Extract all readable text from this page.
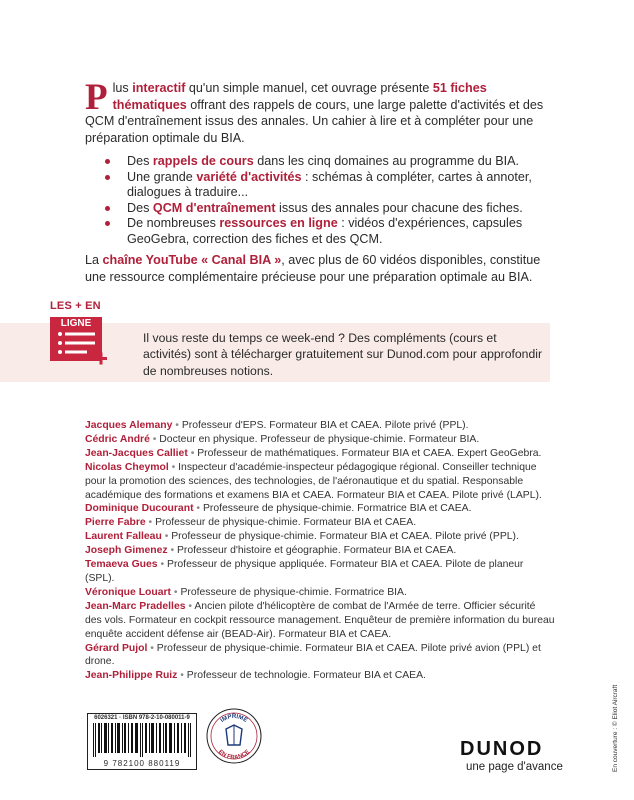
Plus interactif qu'un simple manuel, cet ouvrage présente 51 fiches thématiques offrant des rappels de cours, une large palette d'activités et des QCM d'entraînement issus des annales. Un cahier à lire et à compléter pour une préparation optimale du BIA.

Des rappels de cours dans les cinq domaines au programme du BIA.
Une grande variété d'activités : schémas à compléter, cartes à annoter, dialogues à traduire...
Des QCM d'entraînement issus des annales pour chacune des fiches.
De nombreuses ressources en ligne : vidéos d'expériences, capsules GeoGebra, correction des fiches et des QCM.

La chaîne YouTube « Canal BIA », avec plus de 60 vidéos disponibles, constitue une ressource complémentaire précieuse pour une préparation optimale au BIA.

LES + EN

LIGNE

Il vous reste du temps ce week-end ? Des compléments (cours et activités) sont à télécharger gratuitement sur Dunod.com pour approfondir de nombreuses notions.

Jacques Alemany • Professeur d'EPS. Formateur BIA et CAEA. Pilote privé (PPL).

Cédric André • Docteur en physique. Professeur de physique-chimie. Formateur BIA.

Jean-Jacques Calliet • Professeur de mathématiques. Formateur BIA et CAEA. Expert GeoGebra.

Nicolas Cheymol • Inspecteur d'académie-inspecteur pédagogique régional. Conseiller technique pour la promotion des sciences, des technologies, de l'aéronautique et du spatial. Responsable académique des formations et examens BIA et CAEA. Formateur BIA et CAEA. Pilote privé (LAPL).

Dominique Ducourant • Professeure de physique-chimie. Formatrice BIA et CAEA.

Pierre Fabre • Professeur de physique-chimie. Formateur BIA et CAEA.

Laurent Falleau • Professeur de physique-chimie. Formateur BIA et CAEA. Pilote privé (PPL).

Joseph Gimenez • Professeur d'histoire et géographie. Formateur BIA et CAEA.

Temaeva Gues • Professeur de physique appliquée. Formateur BIA et CAEA. Pilote de planeur (SPL).

Véronique Louart • Professeure de physique-chimie. Formatrice BIA.

Jean-Marc Pradelles • Ancien pilote d'hélicoptère de combat de l'Armée de terre. Officier sécurité des vols. Formateur en cockpit ressource management. Enquêteur de première information du bureau enquête accident défense air (BEAD-Air). Formateur BIA et CAEA.

Gérard Pujol • Professeur de physique-chimie. Formateur BIA et CAEA. Pilote privé avion (PPL) et drone.

Jean-Philippe Ruiz • Professeur de technologie. Formateur BIA et CAEA.

6026321 · ISBN 978-2-10-080011-9

9 782100 880119

IMPRIMÉ
EN FRANCE	DUNOD

une page d'avance	En couverture : © Eliot Aircraft
